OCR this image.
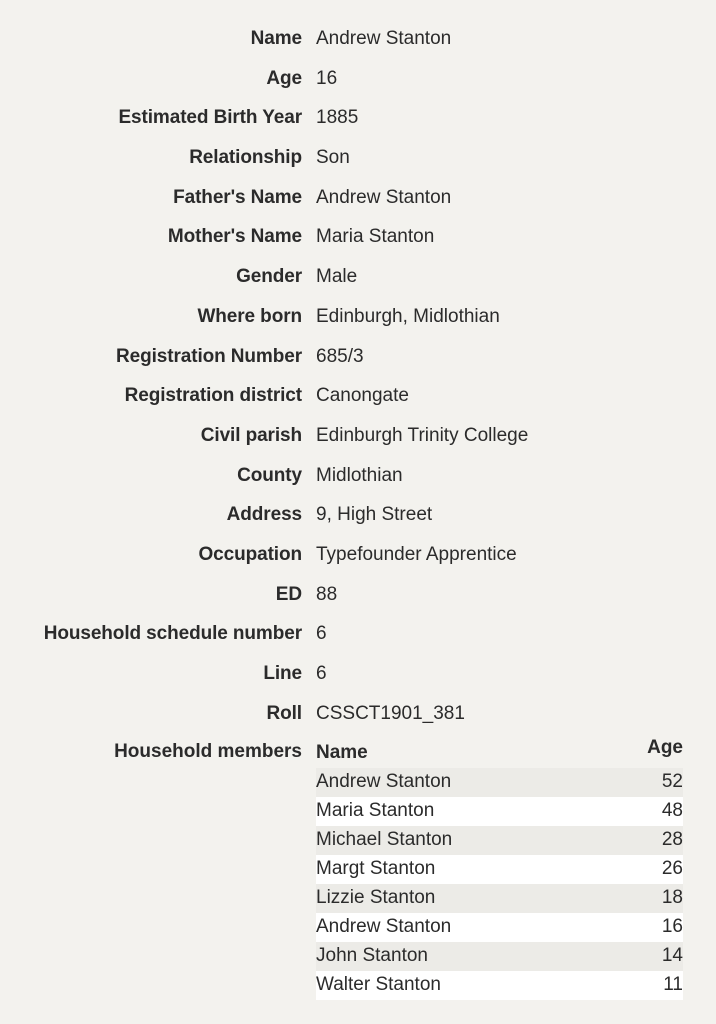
Name Andrew Stanton
Age 16
Estimated Birth Year 1885
Relationship Son
Father's Name Andrew Stanton
Mother's Name Maria Stanton
Gender Male
Where born Edinburgh, Midlothian
Registration Number 685/3
Registration district Canongate
Civil parish Edinburgh Trinity College
County Midlothian
Address 9, High Street
Occupation Typefounder Apprentice
ED 88
Household schedule number 6
Line 6
Roll CSSCT1901_381
Household members Name	Age
Andrew Stanton	52
Maria Stanton	48
Michael Stanton	28
Margt Stanton	26
Lizzie Stanton	18
Andrew Stanton	16
John Stanton	14
Walter Stanton	11
